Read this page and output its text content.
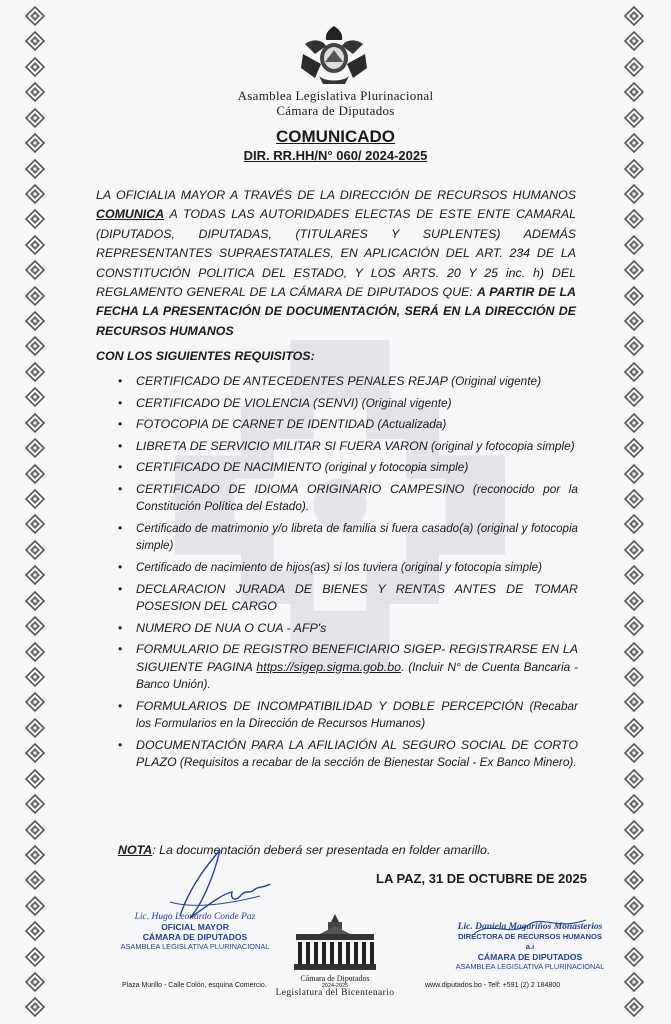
Asamblea Legislativa Plurinacional
Cámara de Diputados
COMUNICADO
DIR. RR.HH/N° 060/ 2024-2025
LA OFICIALIA MAYOR A TRAVÉS DE LA DIRECCIÓN DE RECURSOS HUMANOS COMUNICA A TODAS LAS AUTORIDADES ELECTAS DE ESTE ENTE CAMARAL (DIPUTADOS, DIPUTADAS, (TITULARES Y SUPLENTES) ADEMÁS REPRESENTANTES SUPRAESTATALES, EN APLICACIÓN DEL ART. 234 DE LA CONSTITUCIÓN POLITICA DEL ESTADO, Y LOS ARTS. 20 Y 25 inc. h) DEL REGLAMENTO GENERAL DE LA CÁMARA DE DIPUTADOS QUE: A PARTIR DE LA FECHA LA PRESENTACIÓN DE DOCUMENTACIÓN, SERÁ EN LA DIRECCIÓN DE RECURSOS HUMANOS
CON LOS SIGUIENTES REQUISITOS:
• CERTIFICADO DE ANTECEDENTES PENALES REJAP (Original vigente)
• CERTIFICADO DE VIOLENCIA (SENVI) (Original vigente)
• FOTOCOPIA DE CARNET DE IDENTIDAD (Actualizada)
• LIBRETA DE SERVICIO MILITAR SI FUERA VARON (original y fotocopia simple)
• CERTIFICADO DE NACIMIENTO (original y fotocopia simple)
• CERTIFICADO DE IDIOMA ORIGINARIO CAMPESINO (reconocido por la Constitución Política del Estado).
• Certificado de matrimonio y/o libreta de familia si fuera casado(a) (original y fotocopia simple)
• Certificado de nacimiento de hijos(as) si los tuviera (original y fotocopia simple)
• DECLARACION JURADA DE BIENES Y RENTAS ANTES DE TOMAR POSESION DEL CARGO
• NUMERO DE NUA O CUA - AFP's
• FORMULARIO DE REGISTRO BENEFICIARIO SIGEP- REGISTRARSE EN LA SIGUIENTE PAGINA https://sigep.sigma.gob.bo. (Incluir N° de Cuenta Bancaria - Banco Unión).
• FORMULARIOS DE INCOMPATIBILIDAD Y DOBLE PERCEPCIÓN (Recabar los Formularios en la Dirección de Recursos Humanos)
• DOCUMENTACIÓN PARA LA AFILIACIÓN AL SEGURO SOCIAL DE CORTO PLAZO (Requisitos a recabar de la sección de Bienestar Social - Ex Banco Minero).
NOTA: La documentación deberá ser presentada en folder amarillo.
LA PAZ, 31 DE OCTUBRE DE 2025
Lic. Hugo Leonardo Conde Paz
OFICIAL MAYOR
CÁMARA DE DIPUTADOS
ASAMBLEA LEGISLATIVA PLURINACIONAL
Lic. Daniela Magariños Monasterios
DIRECTORA DE RECURSOS HUMANOS a.i
CÁMARA DE DIPUTADOS
ASAMBLEA LEGISLATIVA PLURINACIONAL
Plaza Murillo - Calle Colón, esquina Comercio.
Cámara de Diputados
2024-2025
Legislatura del Bicentenario
www.diputados.bo - Telf: +591 (2) 2 184800
